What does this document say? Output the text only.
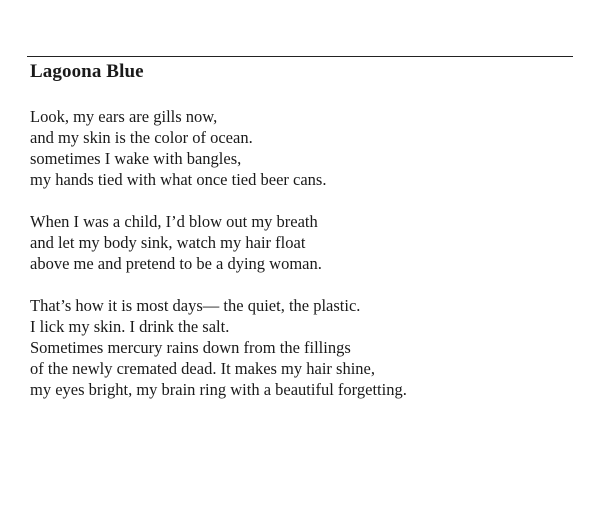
Lagoona Blue
Look, my ears are gills now,
and my skin is the color of ocean.
sometimes I wake with bangles,
my hands tied with what once tied beer cans.
When I was a child, I’d blow out my breath
and let my body sink, watch my hair float
above me and pretend to be a dying woman.
That’s how it is most days— the quiet, the plastic.
I lick my skin. I drink the salt.
Sometimes mercury rains down from the fillings
of the newly cremated dead. It makes my hair shine,
my eyes bright, my brain ring with a beautiful forgetting.
